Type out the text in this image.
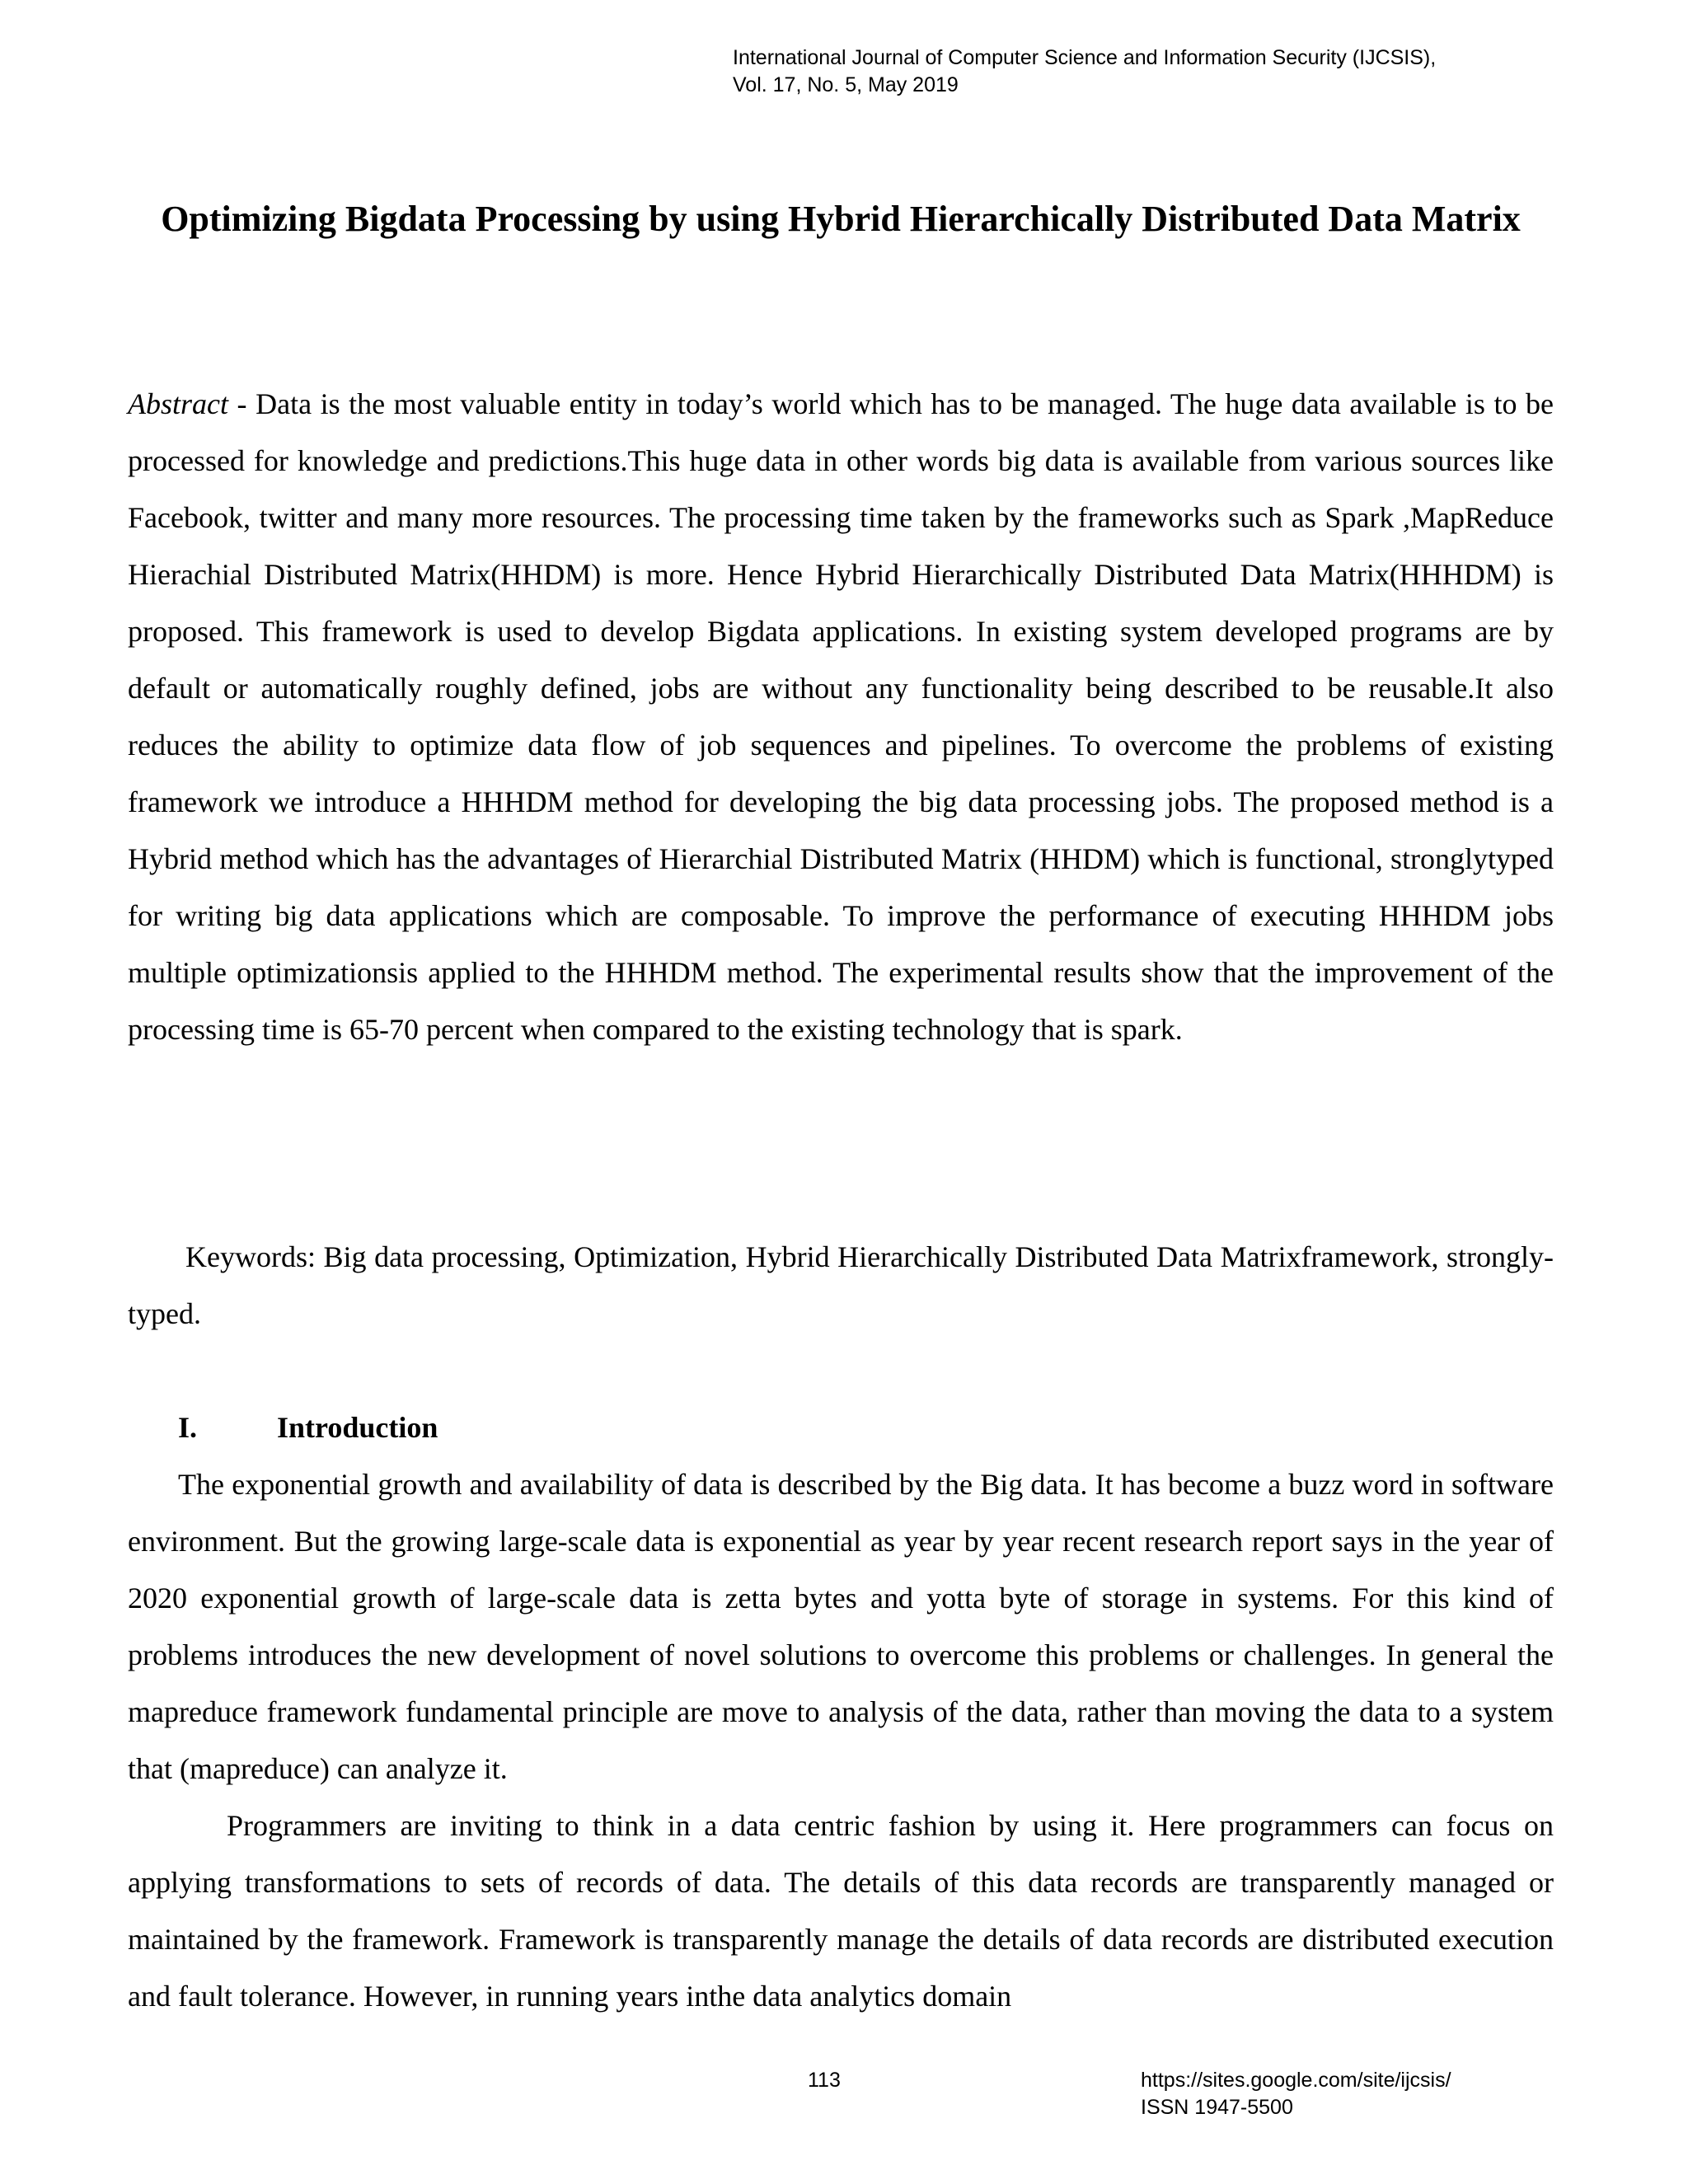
International Journal of Computer Science and Information Security (IJCSIS),
Vol. 17, No. 5, May 2019
Optimizing Bigdata Processing by using Hybrid Hierarchically Distributed Data Matrix
Abstract - Data is the most valuable entity in today’s world which has to be managed. The huge data available is to be processed for knowledge and predictions.This huge data in other words big data is available from various sources like Facebook, twitter and many more resources. The processing time taken by the frameworks such as Spark ,MapReduce Hierachial Distributed Matrix(HHDM) is more. Hence Hybrid Hierarchically Distributed Data Matrix(HHHDM) is proposed. This framework is used to develop Bigdata applications. In existing system developed programs are by default or automatically roughly defined, jobs are without any functionality being described to be reusable.It also reduces the ability to optimize data flow of job sequences and pipelines. To overcome the problems of existing framework we introduce a HHHDM method for developing the big data processing jobs. The proposed method is a Hybrid method which has the advantages of Hierarchial Distributed Matrix (HHDM) which is functional, stronglytyped for writing big data applications which are composable. To improve the performance of executing HHHDM jobs multiple optimizationsis applied to the HHHDM method. The experimental results show that the improvement of the processing time is 65-70 percent when compared to the existing technology that is spark.
Keywords: Big data processing, Optimization, Hybrid Hierarchically Distributed Data Matrixframework, strongly-typed.
I.	Introduction

The exponential growth and availability of data is described by the Big data. It has become a buzz word in software environment. But the growing large-scale data is exponential as year by year recent research report says in the year of 2020 exponential growth of large-scale data is zetta bytes and yotta byte of storage in systems. For this kind of problems introduces the new development of novel solutions to overcome this problems or challenges. In general the mapreduce framework fundamental principle are move to analysis of the data, rather than moving the data to a system that (mapreduce) can analyze it.

Programmers are inviting to think in a data centric fashion by using it. Here programmers can focus on applying transformations to sets of records of data. The details of this data records are transparently managed or maintained by the framework. Framework is transparently manage the details of data records are distributed execution and fault tolerance. However, in running years inthe data analytics domain

113	https://sites.google.com/site/ijcsis/
ISSN 1947-5500
